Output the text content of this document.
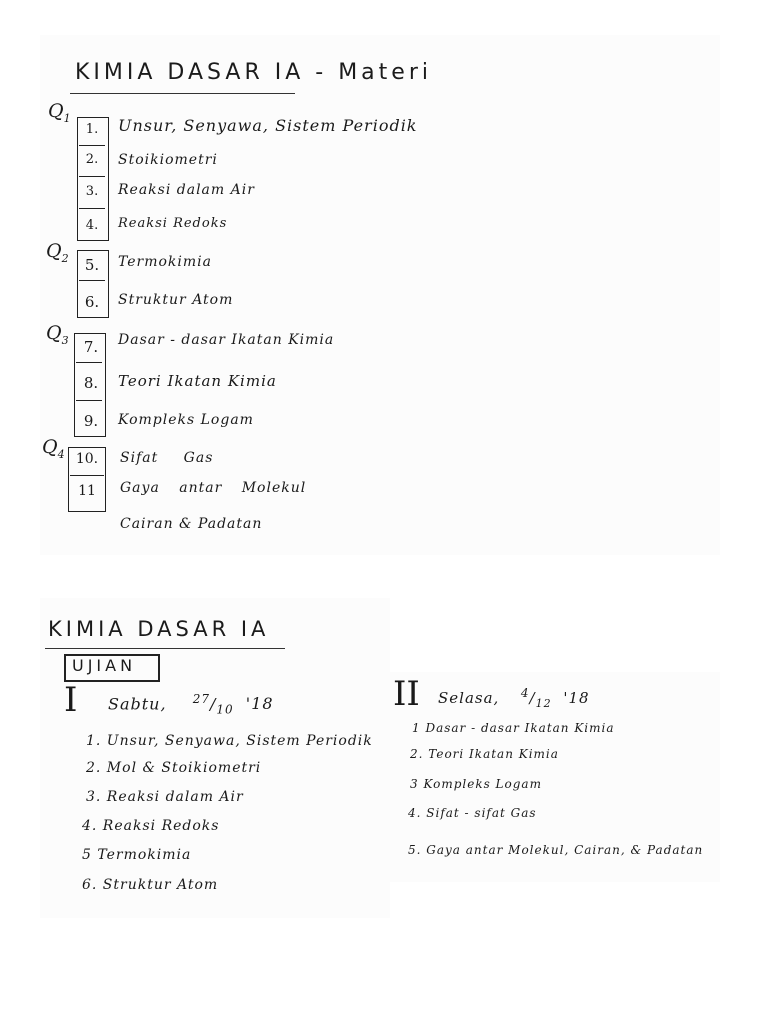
KIMIA DASAR IA - Materi
$Q_1$
1.	Unsur, Senyawa, Sistem Periodik
2.	Stoikiometri
3.	Reaksi dalam Air
4.	Reaksi Redoks
$Q_2$	5.	Termokimia
6.	Struktur Atom
$Q_3$	7.	Dasar - dasar Ikatan Kimia
8.	Teori Ikatan Kimia
9.	Kompleks Logam
$Q_4$ 10. Sifat Gas
11 Gaya antar Molekul
Cairan & Padatan
KIMIA DASAR IA
UJIAN
I Sabtu, $^{27}/_{10}$ '18
1. Unsur, Senyawa, Sistem Periodik
2. Mol & Stoikiometri
3. Reaksi dalam Air
4. Reaksi Redoks
5 Termokimia
6. Struktur Atom
II Selasa, $^4/_{12}$ '18
1 Dasar - dasar Ikatan Kimia
2. Teori Ikatan Kimia
3 Kompleks Logam
4. Sifat - sifat Gas
5. Gaya antar Molekul, Cairan, & Padatan
